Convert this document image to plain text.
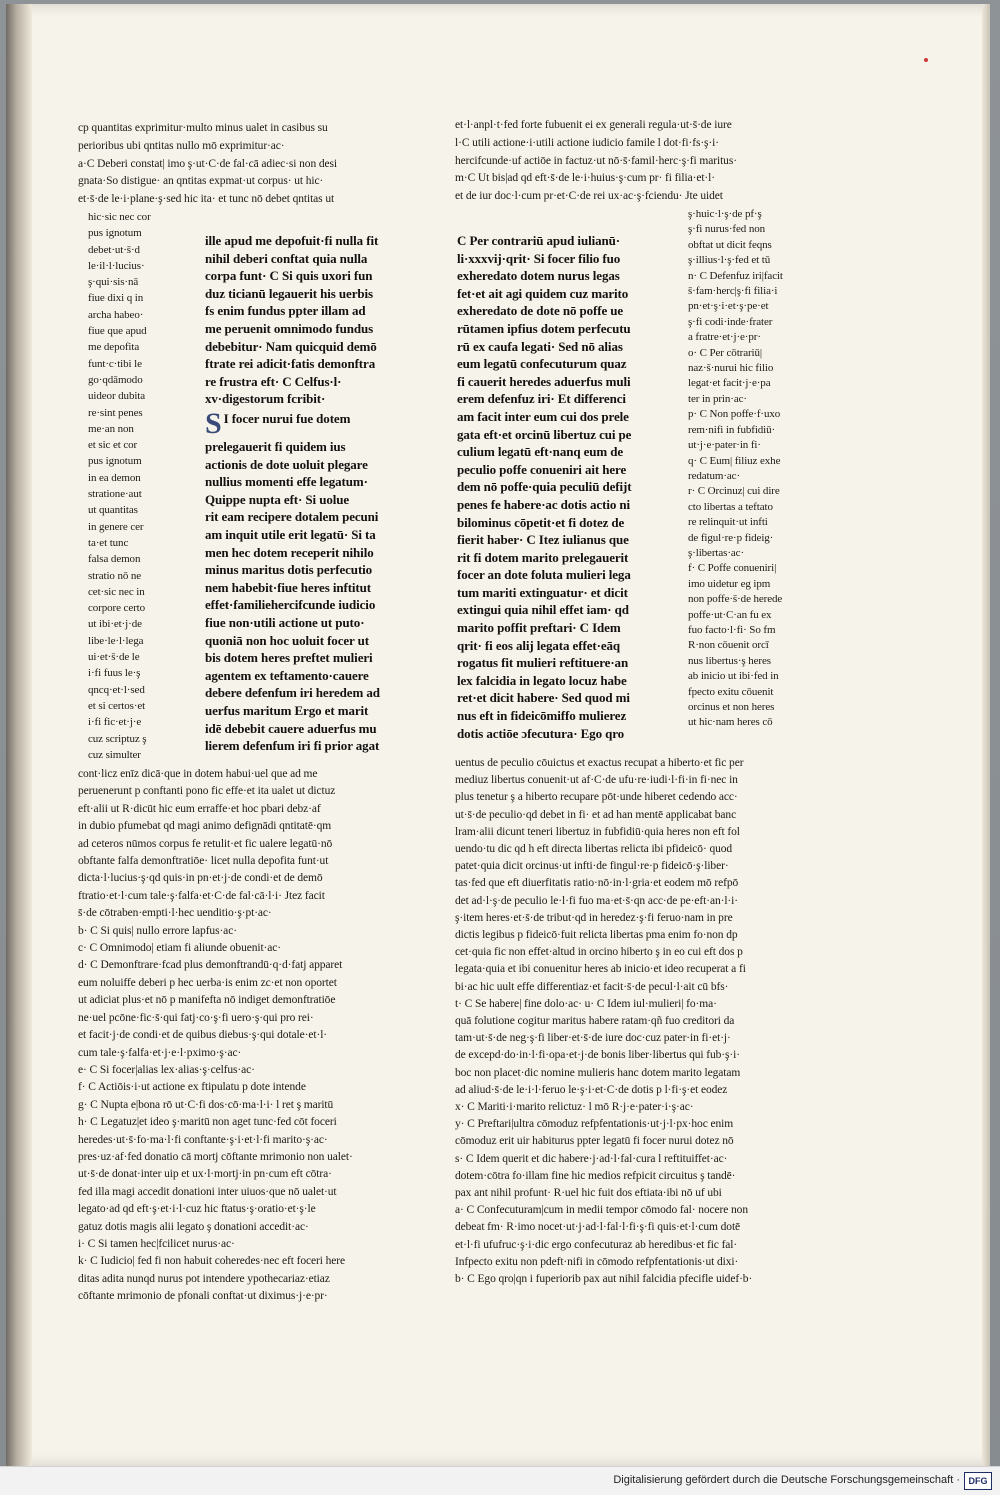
cp quantitas exprimitur·multo minus ualet in casibus su
perioribus ubi qntitas nullo mō exprimitur·ac·
a·C Deberi constat| imo ş·ut·C·de fal·cā adiec·si non desi
gnata·So distigue· an qntitas expmat·ut corpus· ut hic·
et·s̄·de le·i·plane·ş·sed hic ita· et tunc nō debet qntitas ut
hic·sic nec cor
pus ignotum
debet·ut·s̄·d
le·il·l·lucius·
ş·qui·sis·nā
fiue dixi q in
archa habeo·
fiue que apud
me depofita
funt·c·tibi le
go·qdāmodo
uideor dubita
re·sint penes
me·an non
et sic et cor
pus ignotum
in ea demon
stratione·aut
ut quantitas
in genere cer
ta·et tunc
falsa demon
stratio nō ne
cet·sic nec in
corpore certo
ut ibi·et·j·de
libe·le·l·lega
ui·et·s̄·de le
i·fi fuus le·ş
qncq·et·l·sed
et si certos·et
i·fi fic·et·j·e
cuz scriptuz ş
cuz simulter
ille apud me depofuit·fi nulla fit
nihil deberi conftat quia nulla
corpa funt· C Si quis uxori fun
duz ticianū legauerit his uerbis
fs enim fundus ppter illam ad
me peruenit omnimodo fundus
debebitur· Nam quicquid demō
ftrate rei adicit·fatis demonftra
re frustra eft· C Celfus·l·
xv·digestorum fcribit·
S I focer nurui fue dotem
prelegauerit fi quidem ius
actionis de dote uoluit plegare
nullius momenti effe legatum·
Quippe nupta eft· Si uolue
rit eam recipere dotalem pecuni
am inquit utile erit legatū· Si ta
men hec dotem receperit nihilo
minus maritus dotis perfecutio
nem habebit·fiue heres inftitut
effet·familiehercifcunde iudicio
fiue non·utili actione ut puto·
quoniā non hoc uoluit focer ut
bis dotem heres preftet mulieri
agentem ex teftamento·cauere
debere defenfum iri heredem ad
uerfus maritum Ergo et marit
idē debebit cauere aduerfus mu
lierem defenfum iri fi prior agat
et·l·anpl·t·fed forte fubuenit ei ex generali regula·ut·s̄·de iure
l·C utili actione·i·utili actione iudicio famile l dot·fi·fs·ş·i·
hercifcunde·uf actiōe in factuz·ut nō·s̄·famil·herc·ş·fi maritus·
m·C Ut bis|ad qd eft·s̄·de le·i·huius·ş·cum pr· fi filia·et·l·
et de iur doc·l·cum pr·et·C·de rei ux·ac·ş·fciendu· Jte uidet
C Per contrariū apud iulianū·
li·xxxvij·qrit· Si focer filio fuo
exheredato dotem nurus legas
fet·et ait agi quidem cuz marito
exheredato de dote nō poffe ue
rūtamen ipfius dotem perfecutu
rū ex caufa legati· Sed nō alias
eum legatū confecuturum quaz
fi cauerit heredes aduerfus muli
erem defenfuz iri· Et differenci
am facit inter eum cui dos prele
gata eft·et orcinū libertuz cui pe
culium legatū eft·nanq eum de
peculio poffe conueniri ait here
dem nō poffe·quia peculiū defijt
penes fe habere·ac dotis actio ni
bilominus cōpetit·et fi dotez de
fierit haber· C Itez iulianus que
rit fi dotem marito prelegauerit
focer an dote foluta mulieri lega
tum mariti extinguatur· et dicit
extingui quia nihil effet iam· qd
marito poffit preftari· C Idem
qrit· fi eos alij legata effet·eāq
rogatus fit mulieri reftituere·an
lex falcidia in legato locuz habe
ret·et dicit habere· Sed quod mi
nus eft in fideicōmiffo mulierez
dotis actiōe ɔfecutura· Ego qro
ş·huic·l·ş·de pf·ş
ş·fi nurus·fed non
obftat ut dicit feqns
ş·illius·l·ş·fed et tū
n· C Defenfuz iri|facit
s̄·fam·herc|ş·fi filia·i
pn·et·ş·i·et·ş·pe·et
ş·fi codi·inde·frater
a fratre·et·j·e·pr·
o· C Per cōtrariū|
naz·s̄·nurui hic filio
legat·et facit·j·e·pa
ter in prin·ac·
p· C Non poffe·f·uxo
rem·nifi in fubfidiū·
ut·j·e·pater·in fi·
q· C Eum| filiuz exhe
redatum·ac·
r· C Orcinuz| cui dire
cto libertas a teftato
re relinquit·ut infti
de figul·re·p fideig·
ş·libertas·ac·
f· C Poffe conueniri|
imo uidetur eg ipm
non poffe·s̄·de herede
poffe·ut·C·an fu ex
fuo facto·l·fi· So fm
R·non cōuenit orcī
nus libertus·ş heres
ab inicio ut ibi·fed in
fpecto exitu cōuenit
orcinus et non heres
ut hic·nam heres cō
cont·licz enīz dicā·que in dotem habui·uel que ad me
peruenerunt p conftanti pono fic effe·et ita ualet ut dictuz
eft·alii ut R·dicūt hic eum erraffe·et hoc pbari debz·af
in dubio pfumebat qd magi animo defignādi qntitatē·qm
ad ceteros nūmos corpus fe retulit·et fic ualere legatū·nō
obftante falfa demonftratiōe· licet nulla depofita funt·ut
dicta·l·lucius·ş·qd quis·in pn·et·j·de condi·et de demō
ftratio·et·l·cum tale·ş·falfa·et·C·de fal·cā·l·i· Jtez facit
s̄·de cōtraben·empti·l·hec uenditio·ş·pt·ac·
b· C Si quis| nullo errore lapfus·ac·
c· C Omnimodo| etiam fi aliunde obuenit·ac·
d· C Demonftrare·fcad plus demonftrandū·q·d·fatj apparet
eum noluiffe deberi p hec uerba·is enim zc·et non oportet
ut adiciat plus·et nō p manifefta nō indiget demonftratiōe
ne·uel pcōne·fic·s̄·qui fatj·co·ş·fi uero·ş·qui pro rei·
et facit·j·de condi·et de quibus diebus·ş·qui dotale·et·l·
cum tale·ş·falfa·et·j·e·l·pximo·ş·ac·
e· C Si focer|alias lex·alias·ş·celfus·ac·
f· C Actiōis·i·ut actione ex ftipulatu p dote intende
g· C Nupta e|bona rō ut·C·fi dos·cō·ma·l·i· l ret ş maritū
h· C Legatuz|et ideo ş·maritū non aget tunc·fed cōt foceri
heredes·ut·s̄·fo·ma·l·fi conftante·ş·i·et·l·fi marito·ş·ac·
pres·uz·af·fed donatio cā mortj cōftante mrimonio non ualet·
ut·s̄·de donat·inter uip et ux·l·mortj·in pn·cum eft cōtra·
fed illa magi accedit donationi inter uiuos·que nō ualet·ut
legato·ad qd eft·ş·et·i·l·cuz hic ftatus·ş·oratio·et·ş·le
gatuz dotis magis alii legato ş donationi accedit·ac·
i· C Si tamen hec|fcilicet nurus·ac·
k· C Iudicio| fed fi non habuit coheredes·nec eft foceri here
ditas adita nunqd nurus pot intendere ypothecariaz·etiaz
cōftante mrimonio de pfonali conftat·ut diximus·j·e·pr·
uentus de peculio cōuictus et exactus recupat a hiberto·et fic per
mediuz libertus conuenit·ut af·C·de ufu·re·iudi·l·fi·in fi·nec in
plus tenetur ş a hiberto recupare pōt·unde hiberet cedendo acc·
ut·s̄·de peculio·qd debet in fi· et ad han mentē applicabat banc
lram·alii dicunt teneri libertuz in fubfidiū·quia heres non eft fol
uendo·tu dic qd h eft directa libertas relicta ibi pfideicō· quod
patet·quia dicit orcinus·ut infti·de fingul·re·p fideicō·ş·liber·
tas·fed que eft diuerfitatis ratio·nō·in·l·gria·et eodem mō refpō
det ad·l·ş·de peculio le·l·fi fuo ma·et·s̄·qn acc·de pe·eft·an·l·i·
ş·item heres·et·s̄·de tribut·qd in heredez·ş·fi feruo·nam in pre
dictis legibus p fideicō·fuit relicta libertas pma enim fo·non dp
cet·quia fic non effet·altud in orcino hiberto ş in eo cui eft dos p
legata·quia et ibi conuenitur heres ab inicio·et ideo recuperat a fi
bi·ac hic uult effe differentiaz·et facit·s̄·de pecul·l·ait cū bfs·
t· C Se habere| fine dolo·ac· u· C Idem iul·mulieri| fo·ma·
quā folutione cogitur maritus habere ratam·qñ fuo creditori da
tam·ut·s̄·de neg·ş·fi liber·et·s̄·de iure doc·cuz pater·in fi·et·j·
de excepd·do·in·l·fi·opa·et·j·de bonis liber·libertus qui fub·ş·i·
boc non placet·dic nomine mulieris hanc dotem marito legatam
ad aliud·s̄·de le·i·l·feruo le·ş·i·et·C·de dotis p l·fi·ş·et eodez
x· C Mariti·i·marito relictuz· l mō R·j·e·pater·i·ş·ac·
y· C Preftari|ultra cōmoduz refpfentationis·ut·j·l·px·hoc enim
cōmoduz erit uir habiturus ppter legatū fi focer nurui dotez nō
s· C Idem querit et dic habere·j·ad·l·fal·cura l reftituiffet·ac·
dotem·cōtra fo·illam fine hic medios refpicit circuitus ş tandē·
pax ant nihil profunt· R·uel hic fuit dos eftiata·ibi nō uf ubi
a· C Confecuturam|cum in medii tempor cōmodo fal· nocere non
debeat fm· R·imo nocet·ut·j·ad·l·fal·l·fi·ş·fi quis·et·l·cum dotē
et·l·fi ufufruc·ş·i·dic ergo confecuturaz ab heredibus·et fic fal·
Infpecto exitu non pdeft·nifi in cōmodo refpfentationis·ut dixi·
b· C Ego qro|qn i fuperiorib pax aut nihil falcidia pfecifle uidef·b·
Digitalisierung gefördert durch die Deutsche Forschungsgemeinschaft · DFG
